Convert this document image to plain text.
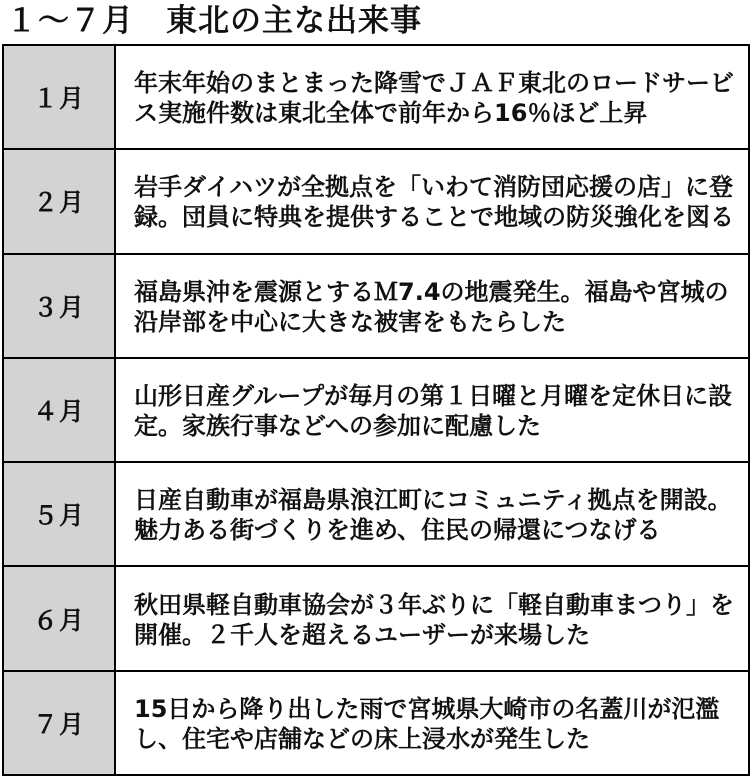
１～７月　東北の主な出来事
１月
年末年始のまとまった降雪でＪＡＦ東北のロードサービス実施件数は東北全体で前年から16％ほど上昇
２月
岩手ダイハツが全拠点を「いわて消防団応援の店」に登録。団員に特典を提供することで地域の防災強化を図る
３月
福島県沖を震源とするＭ7.4の地震発生。福島や宮城の沿岸部を中心に大きな被害をもたらした
４月
山形日産グループが毎月の第１日曜と月曜を定休日に設定。家族行事などへの参加に配慮した
５月
日産自動車が福島県浪江町にコミュニティ拠点を開設。魅力ある街づくりを進め、住民の帰還につなげる
６月
秋田県軽自動車協会が３年ぶりに「軽自動車まつり」を開催。２千人を超えるユーザーが来場した
７月
15日から降り出した雨で宮城県大崎市の名蓋川が氾濫し、住宅や店舗などの床上浸水が発生した
